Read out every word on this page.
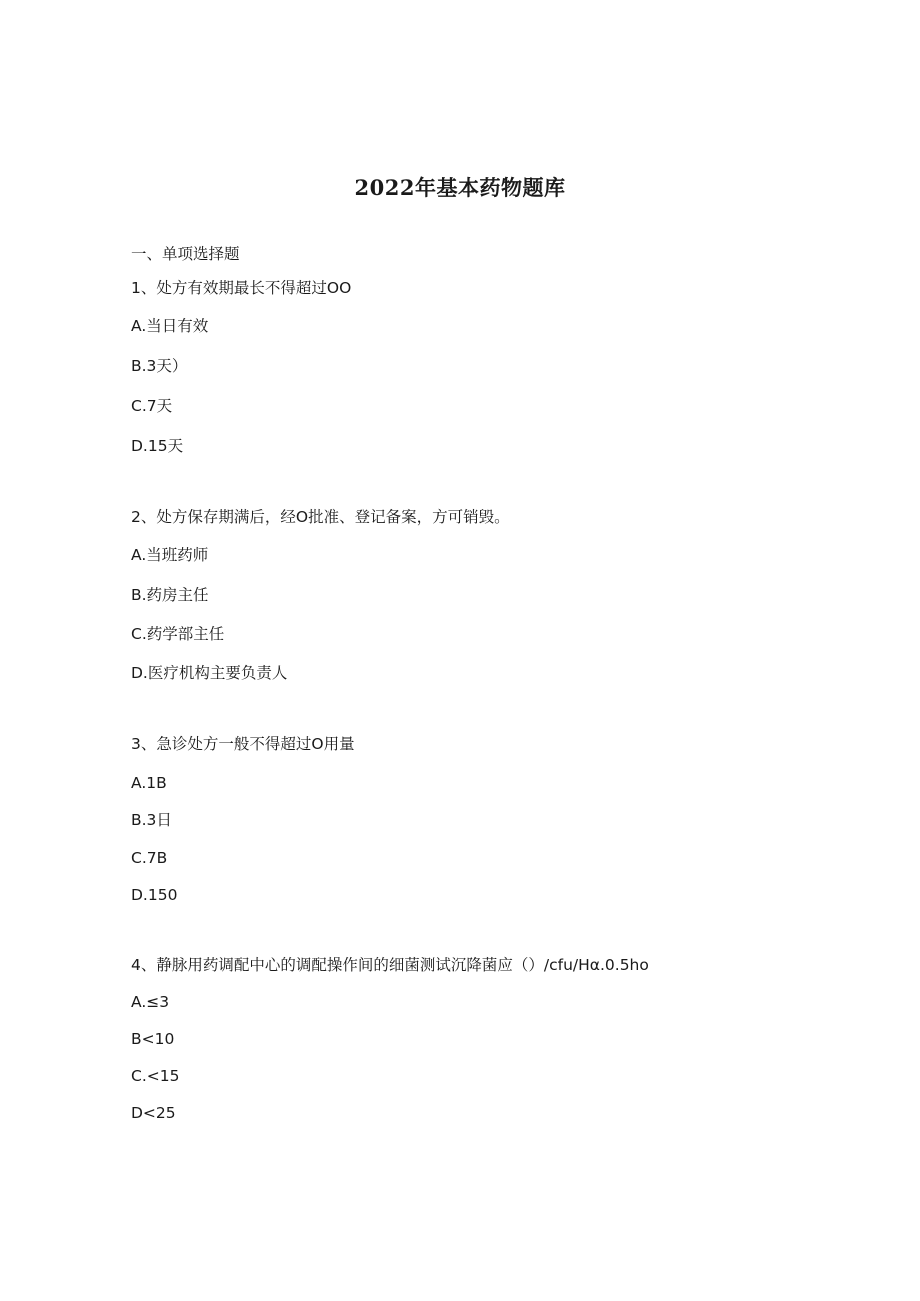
2022年基本药物题库
一、单项选择题
1、处方有效期最长不得超过OO
A.当日有效
B.3天）
C.7天
D.15天
2、处方保存期满后，经O批准、登记备案，方可销毁。
A.当班药师
B.药房主任
C.药学部主任
D.医疗机构主要负责人
3、急诊处方一般不得超过O用量
A.1B
B.3日
C.7B
D.150
4、静脉用药调配中心的调配操作间的细菌测试沉降菌应（）/cfu/Hα.0.5ho
A.≤3
B<10
C.<15
D<25
